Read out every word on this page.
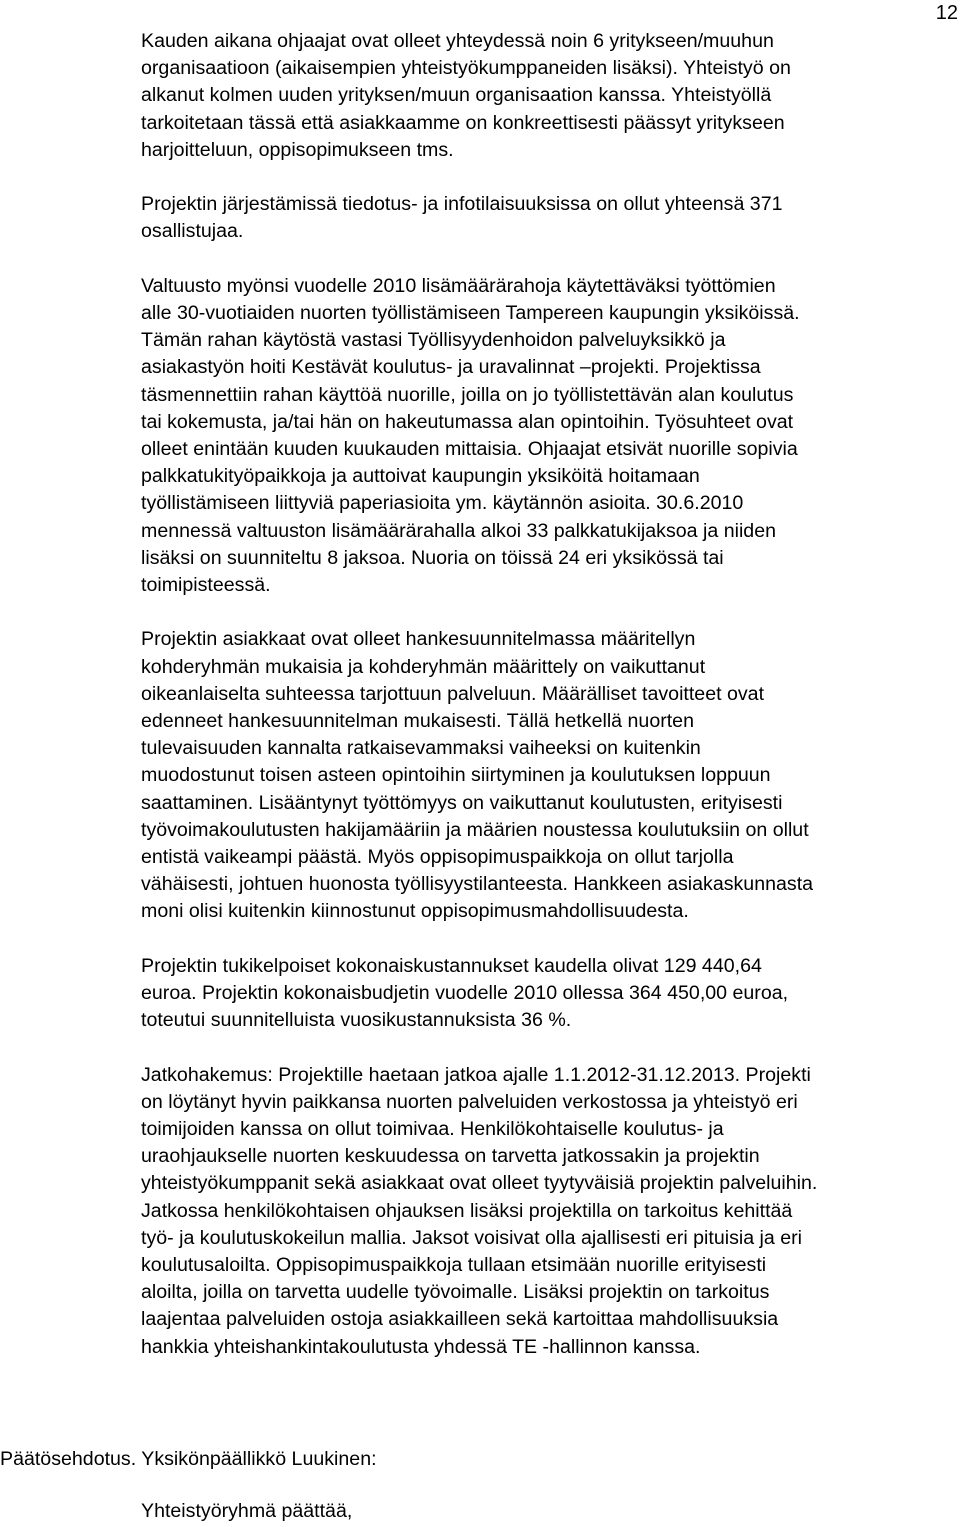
12
Kauden aikana ohjaajat ovat olleet yhteydessä noin 6 yritykseen/muuhun
organisaatioon (aikaisempien yhteistyökumppaneiden lisäksi). Yhteistyö on
alkanut kolmen uuden yrityksen/muun organisaation kanssa. Yhteistyöllä
tarkoitetaan tässä että asiakkaamme on konkreettisesti päässyt yritykseen
harjoitteluun, oppisopimukseen tms.
Projektin järjestämissä tiedotus- ja infotilaisuuksissa on ollut yhteensä 371
osallistujaa.
Valtuusto myönsi vuodelle 2010 lisämäärärahoja käytettäväksi työttömien
alle 30-vuotiaiden nuorten työllistämiseen Tampereen kaupungin yksiköissä.
Tämän rahan käytöstä vastasi Työllisyydenhoidon palveluyksikkö ja
asiakastyön hoiti Kestävät koulutus- ja uravalinnat –projekti. Projektissa
täsmennettiin rahan käyttöä nuorille, joilla on jo työllistettävän alan koulutus
tai kokemusta, ja/tai hän on hakeutumassa alan opintoihin. Työsuhteet ovat
olleet enintään kuuden kuukauden mittaisia. Ohjaajat etsivät nuorille sopivia
palkkatukityöpaikkoja ja auttoivat kaupungin yksiköitä hoitamaan
työllistämiseen liittyviä paperiasioita ym. käytännön asioita. 30.6.2010
mennessä valtuuston lisämäärärahalla alkoi 33 palkkatukijaksoa ja niiden
lisäksi on suunniteltu 8 jaksoa. Nuoria on töissä 24 eri yksikössä tai
toimipisteessä.
Projektin asiakkaat ovat olleet hankesuunnitelmassa määritellyn
kohderyhmän mukaisia ja kohderyhmän määrittely on vaikuttanut
oikeanlaiselta suhteessa tarjottuun palveluun. Määrälliset tavoitteet ovat
edenneet hankesuunnitelman mukaisesti. Tällä hetkellä nuorten
tulevaisuuden kannalta ratkaisevammaksi vaiheeksi on kuitenkin
muodostunut toisen asteen opintoihin siirtyminen ja koulutuksen loppuun
saattaminen. Lisääntynyt työttömyys on vaikuttanut koulutusten, erityisesti
työvoimakoulutusten hakijamääriin ja määrien noustessa koulutuksiin on ollut
entistä vaikeampi päästä. Myös oppisopimuspaikkoja on ollut tarjolla
vähäisesti, johtuen huonosta työllisyystilanteesta. Hankkeen asiakaskunnasta
moni olisi kuitenkin kiinnostunut oppisopimusmahdollisuudesta.
Projektin tukikelpoiset kokonaiskustannukset kaudella olivat 129 440,64
euroa. Projektin kokonaisbudjetin vuodelle 2010 ollessa 364 450,00 euroa,
toteutui suunnitelluista vuosikustannuksista 36 %.
Jatkohakemus: Projektille haetaan jatkoa ajalle 1.1.2012-31.12.2013. Projekti
on löytänyt hyvin paikkansa nuorten palveluiden verkostossa ja yhteistyö eri
toimijoiden kanssa on ollut toimivaa. Henkilökohtaiselle koulutus- ja
uraohjaukselle nuorten keskuudessa on tarvetta jatkossakin ja projektin
yhteistyökumppanit sekä asiakkaat ovat olleet tyytyväisiä projektin palveluihin.
Jatkossa henkilökohtaisen ohjauksen lisäksi projektilla on tarkoitus kehittää
työ- ja koulutuskokeilun mallia. Jaksot voisivat olla ajallisesti eri pituisia ja eri
koulutusaloilta. Oppisopimuspaikkoja tullaan etsimään nuorille erityisesti
aloilta, joilla on tarvetta uudelle työvoimalle. Lisäksi projektin on tarkoitus
laajentaa palveluiden ostoja asiakkailleen sekä kartoittaa mahdollisuuksia
hankkia yhteishankintakoulutusta yhdessä TE -hallinnon kanssa.
Päätösehdotus. Yksikönpäällikkö Luukinen:
Yhteistyöryhmä päättää,
